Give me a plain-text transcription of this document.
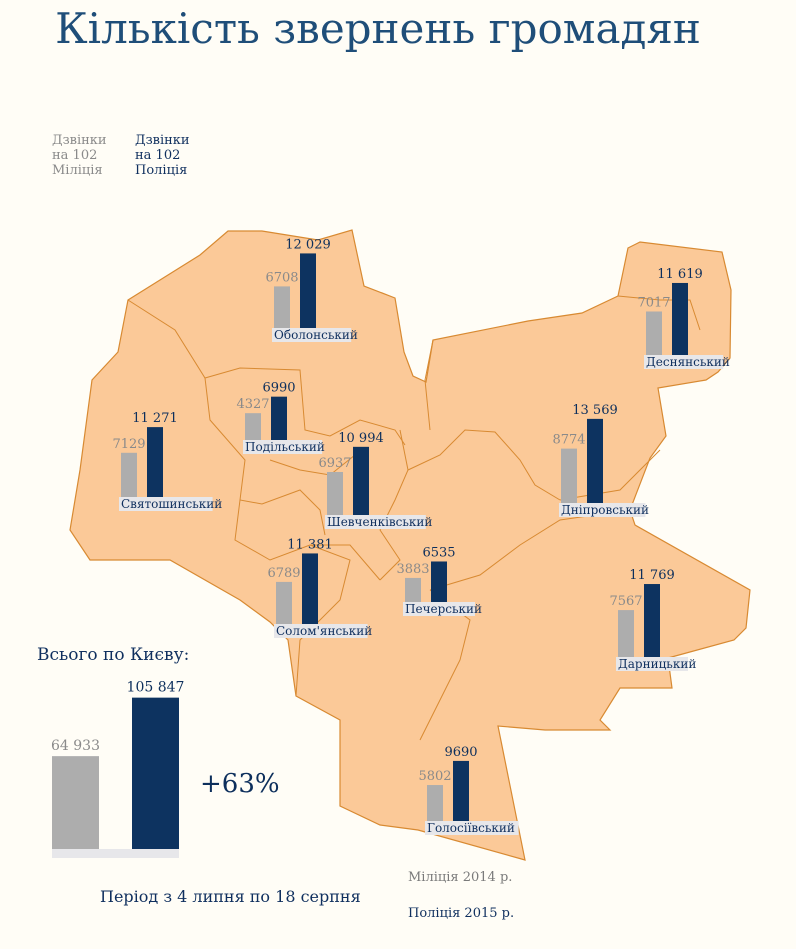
Кількість звернень громадян
Дзвінки
на 102
Міліція
Дзвінки
на 102
Поліція
6708
12 029
Оболонський
7017
11 619
Деснянський
4327
6990
Подільський
7129
11 271
Святошинський
6937
10 994
Шевченківський
8774
13 569
Дніпровський
3883
6535
Печерський
6789
11 381
Солом'янський
7567
11 769
Дарницький
5802
9690
Голосіївський
64 933
105 847
+63%
Всього по Києву:
Період з 4 липня по 18 серпня
Міліція 2014 р.
Поліція 2015 р.
